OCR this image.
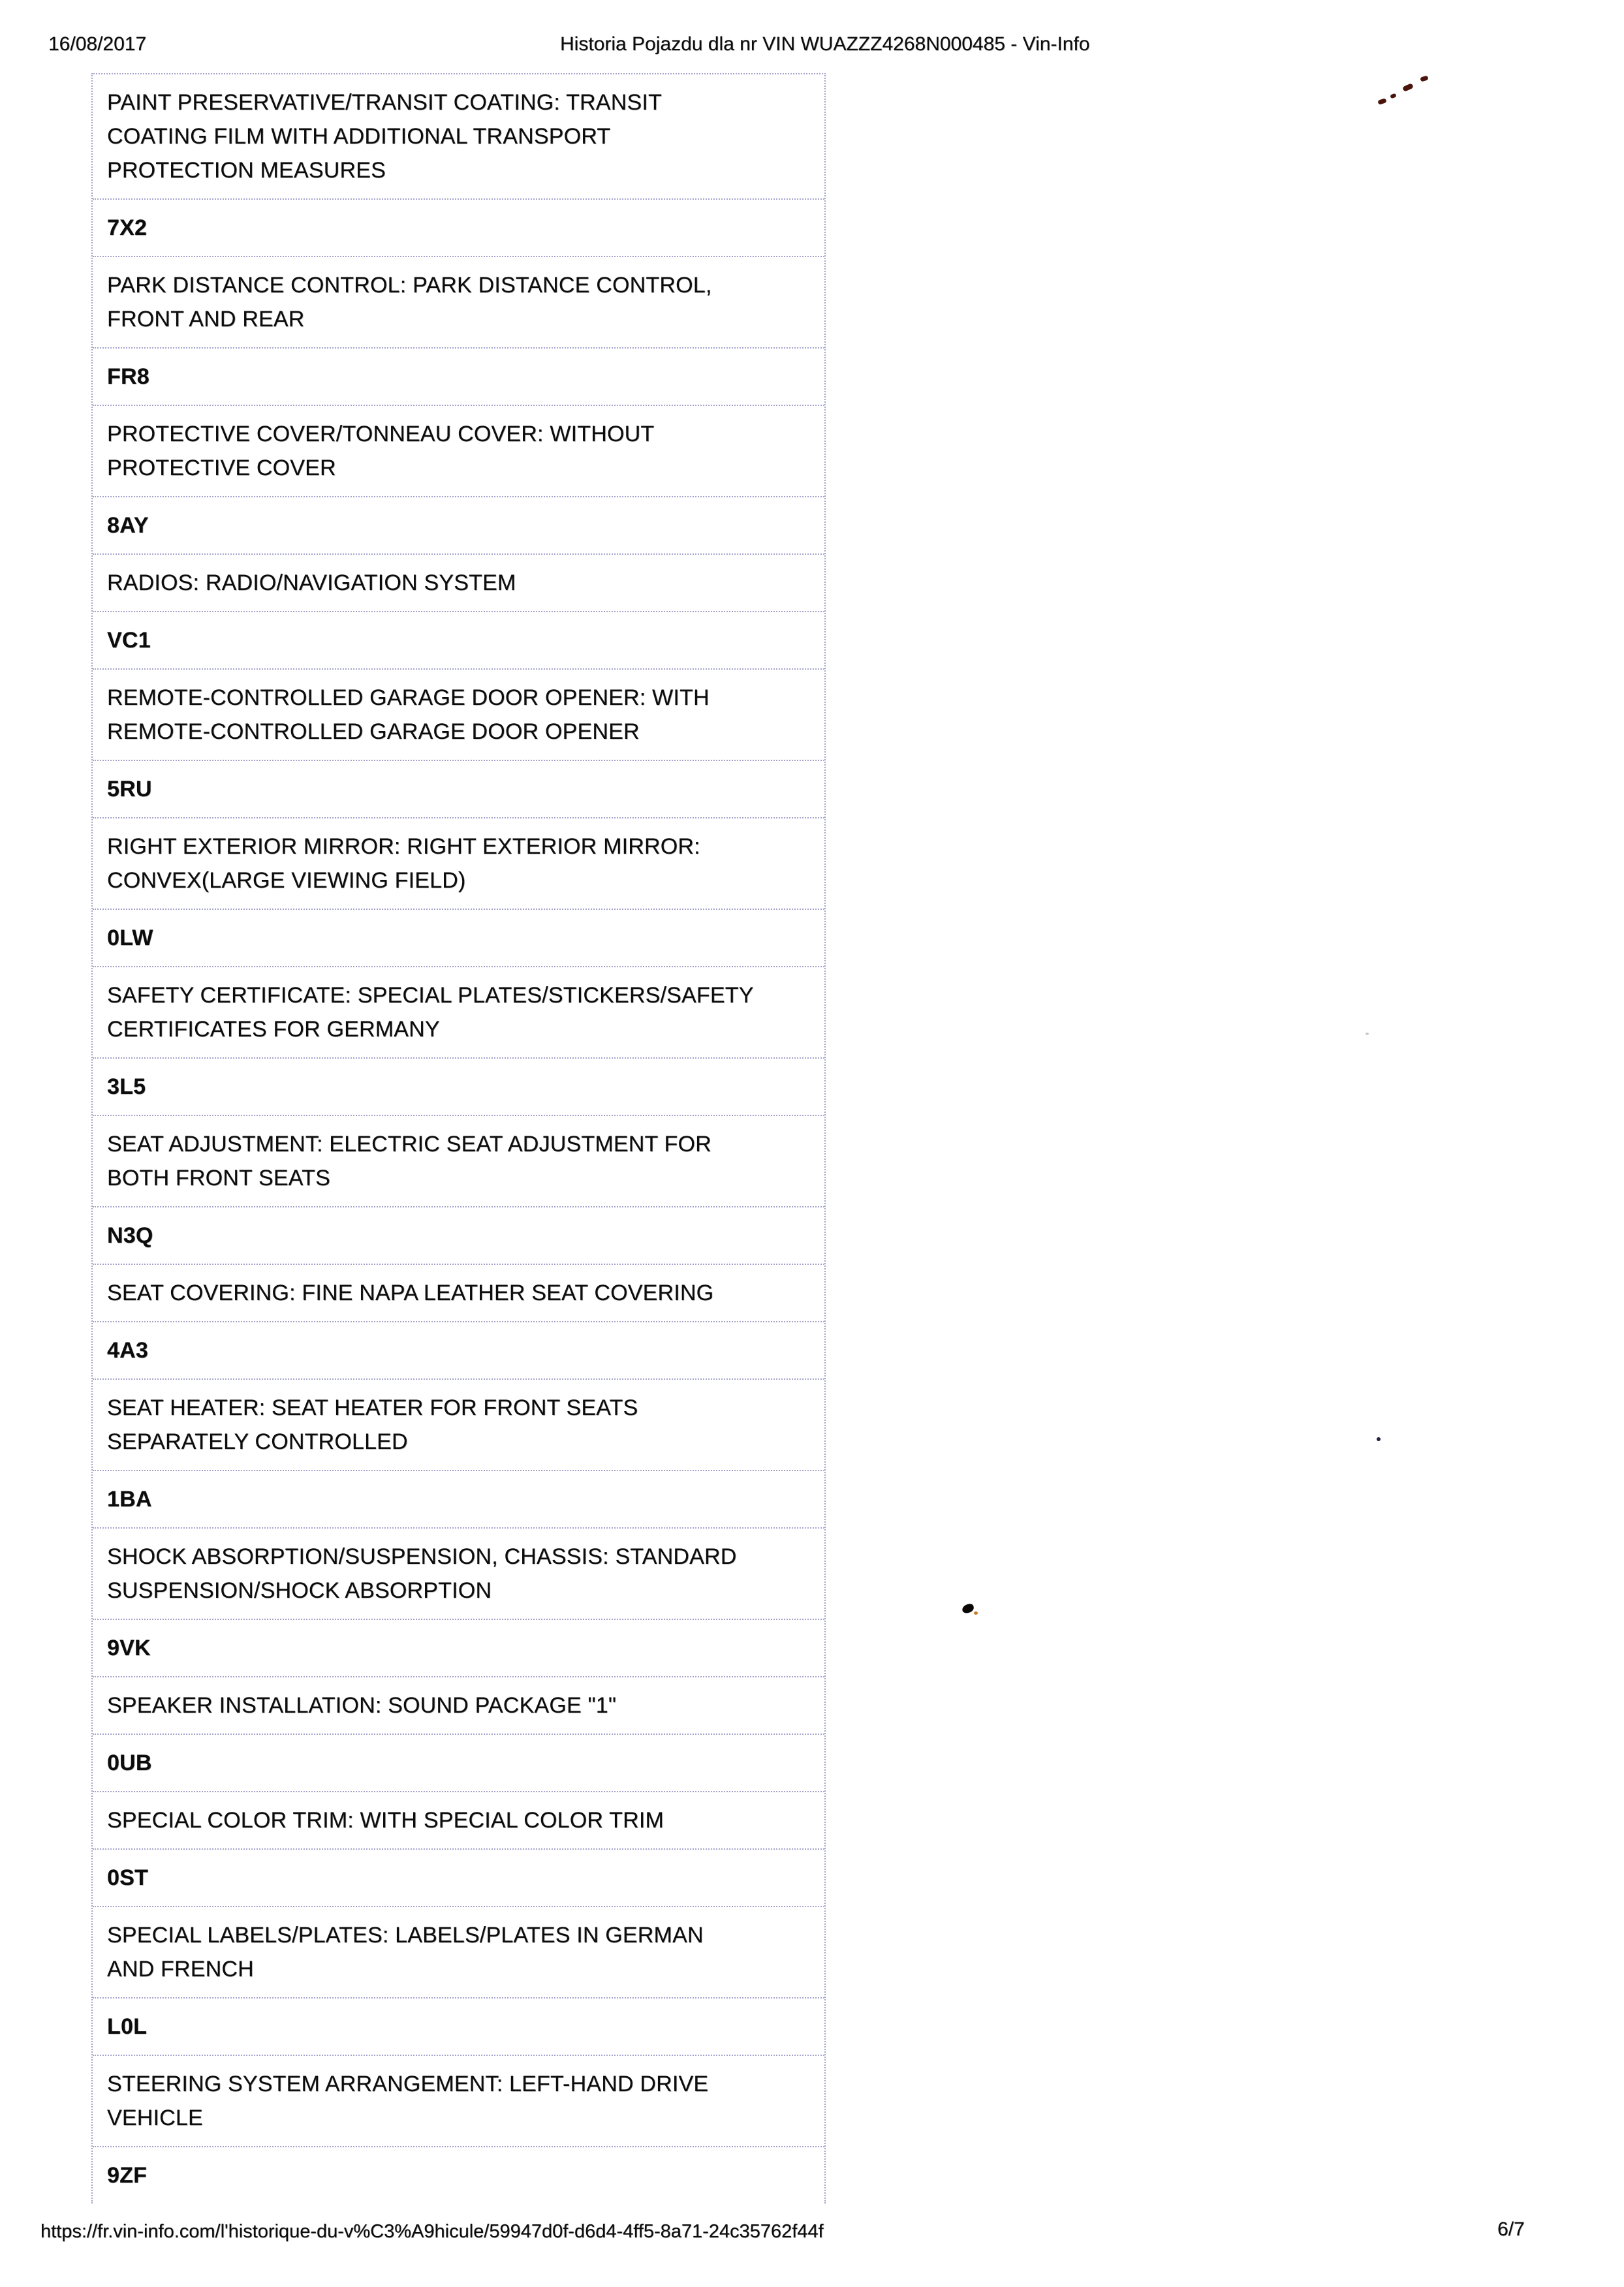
16/08/2017	Historia Pojazdu dla nr VIN WUAZZZ4268N000485 - Vin-Info
PAINT PRESERVATIVE/TRANSIT COATING: TRANSIT
COATING FILM WITH ADDITIONAL TRANSPORT
PROTECTION MEASURES
7X2
PARK DISTANCE CONTROL: PARK DISTANCE CONTROL,
FRONT AND REAR
FR8
PROTECTIVE COVER/TONNEAU COVER: WITHOUT
PROTECTIVE COVER
8AY
RADIOS: RADIO/NAVIGATION SYSTEM
VC1
REMOTE-CONTROLLED GARAGE DOOR OPENER: WITH
REMOTE-CONTROLLED GARAGE DOOR OPENER
5RU
RIGHT EXTERIOR MIRROR: RIGHT EXTERIOR MIRROR:
CONVEX(LARGE VIEWING FIELD)
0LW
SAFETY CERTIFICATE: SPECIAL PLATES/STICKERS/SAFETY
CERTIFICATES FOR GERMANY
3L5
SEAT ADJUSTMENT: ELECTRIC SEAT ADJUSTMENT FOR
BOTH FRONT SEATS
N3Q
SEAT COVERING: FINE NAPA LEATHER SEAT COVERING
4A3
SEAT HEATER: SEAT HEATER FOR FRONT SEATS
SEPARATELY CONTROLLED
1BA
SHOCK ABSORPTION/SUSPENSION, CHASSIS: STANDARD
SUSPENSION/SHOCK ABSORPTION
9VK
SPEAKER INSTALLATION: SOUND PACKAGE "1"
0UB
SPECIAL COLOR TRIM: WITH SPECIAL COLOR TRIM
0ST
SPECIAL LABELS/PLATES: LABELS/PLATES IN GERMAN
AND FRENCH
L0L
STEERING SYSTEM ARRANGEMENT: LEFT-HAND DRIVE
VEHICLE
9ZF
https://fr.vin-info.com/l'historique-du-v%C3%A9hicule/59947d0f-d6d4-4ff5-8a71-24c35762f44f	6/7
